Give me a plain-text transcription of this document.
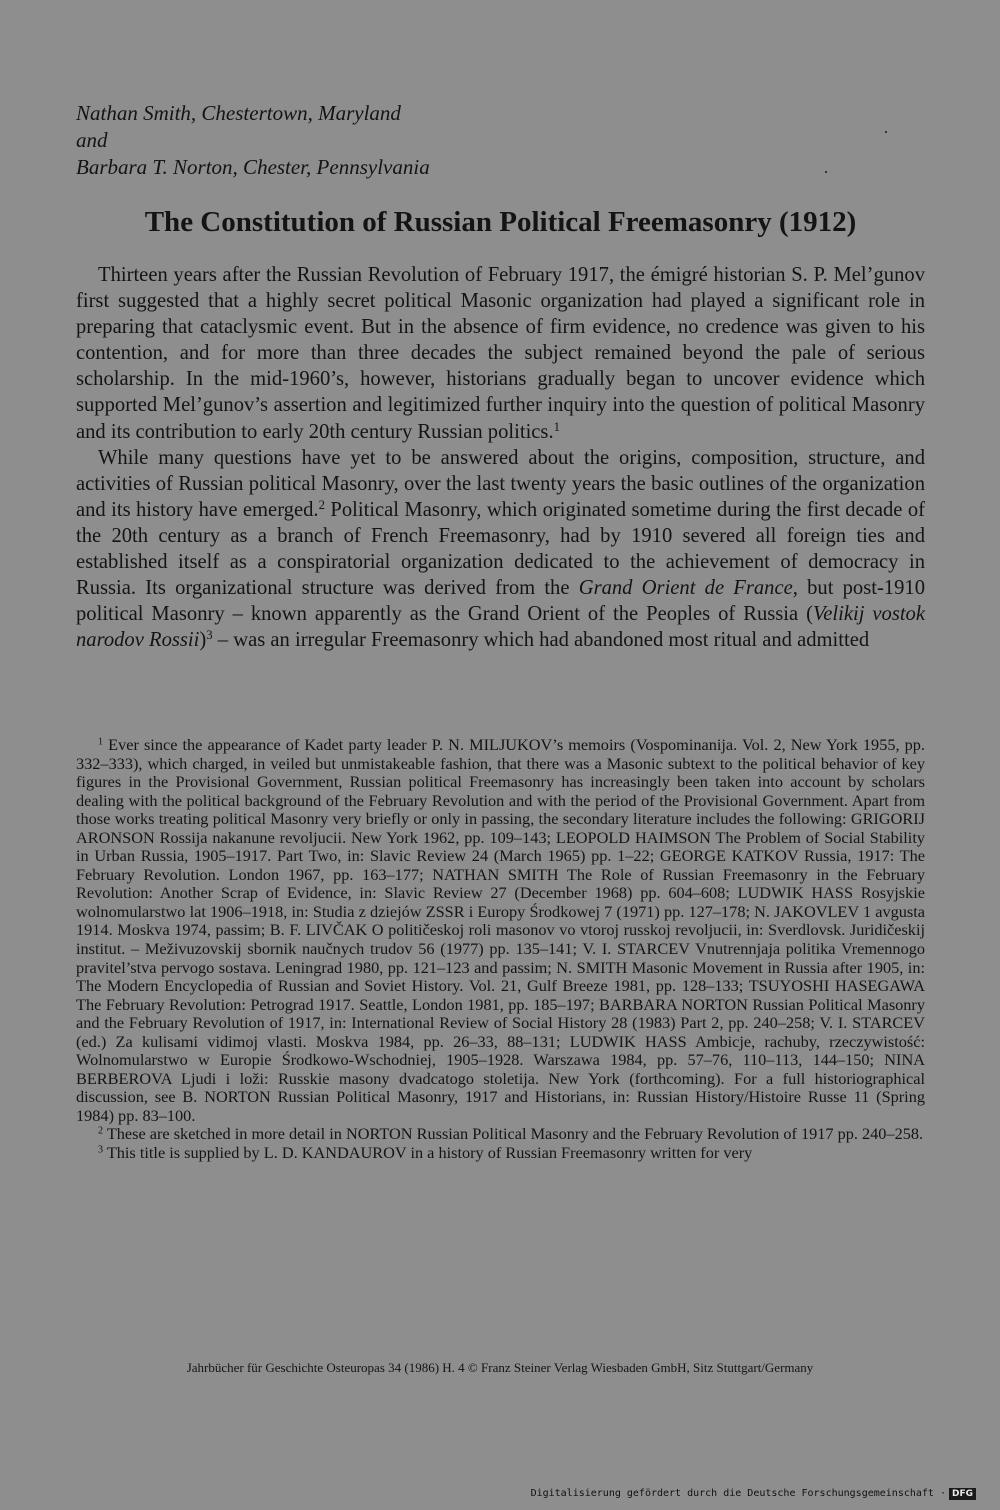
Nathan Smith, Chestertown, Maryland
and
Barbara T. Norton, Chester, Pennsylvania
The Constitution of Russian Political Freemasonry (1912)

Thirteen years after the Russian Revolution of February 1917, the émigré historian S. P. Mel’gunov first suggested that a highly secret political Masonic organization had played a significant role in preparing that cataclysmic event. But in the absence of firm evidence, no credence was given to his contention, and for more than three decades the subject remained beyond the pale of serious scholarship. In the mid-1960’s, however, historians gradually began to uncover evidence which supported Mel’gunov’s assertion and legitimized further inquiry into the question of political Masonry and its contribution to early 20th century Russian politics.$^1$

While many questions have yet to be answered about the origins, composition, structure, and activities of Russian political Masonry, over the last twenty years the basic outlines of the organization and its history have emerged.$^2$ Political Masonry, which originated sometime during the first decade of the 20th century as a branch of French Freemasonry, had by 1910 severed all foreign ties and established itself as a conspiratorial organization dedicated to the achievement of democracy in Russia. Its organizational structure was derived from the Grand Orient de France, but post-1910 political Masonry – known apparently as the Grand Orient of the Peoples of Russia (Velikij vostok narodov Rossii)$^3$ – was an irregular Freemasonry which had abandoned most ritual and admitted

$^1$ Ever since the appearance of Kadet party leader P. N. MILJUKOV’s memoirs (Vospominanija. Vol. 2, New York 1955, pp. 332–333), which charged, in veiled but unmistakeable fashion, that there was a Masonic subtext to the political behavior of key figures in the Provisional Government, Russian political Freemasonry has increasingly been taken into account by scholars dealing with the political background of the February Revolution and with the period of the Provisional Government. Apart from those works treating political Masonry very briefly or only in passing, the secondary literature includes the following: GRIGORIJ ARONSON Rossija nakanune revoljucii. New York 1962, pp. 109–143; LEOPOLD HAIMSON The Problem of Social Stability in Urban Russia, 1905–1917. Part Two, in: Slavic Review 24 (March 1965) pp. 1–22; GEORGE KATKOV Russia, 1917: The February Revolution. London 1967, pp. 163–177; NATHAN SMITH The Role of Russian Freemasonry in the February Revolution: Another Scrap of Evidence, in: Slavic Review 27 (December 1968) pp. 604–608; LUDWIK HASS Rosyjskie wolnomularstwo lat 1906–1918, in: Studia z dziejów ZSSR i Europy Środkowej 7 (1971) pp. 127–178; N. JAKOVLEV 1 avgusta 1914. Moskva 1974, passim; B. F. LIVČAK O političeskoj roli masonov vo vtoroj russkoj revoljucii, in: Sverdlovsk. Juridičeskij institut. – Meživuzovskij sbornik naučnych trudov 56 (1977) pp. 135–141; V. I. STARCEV Vnutrennjaja politika Vremennogo pravitel’stva pervogo sostava. Leningrad 1980, pp. 121–123 and passim; N. SMITH Masonic Movement in Russia after 1905, in: The Modern Encyclopedia of Russian and Soviet History. Vol. 21, Gulf Breeze 1981, pp. 128–133; TSUYOSHI HASEGAWA The February Revolution: Petrograd 1917. Seattle, London 1981, pp. 185–197; BARBARA NORTON Russian Political Masonry and the February Revolution of 1917, in: International Review of Social History 28 (1983) Part 2, pp. 240–258; V. I. STARCEV (ed.) Za kulisami vidimoj vlasti. Moskva 1984, pp. 26–33, 88–131; LUDWIK HASS Ambicje, rachuby, rzeczywistość: Wolnomularstwo w Europie Środkowo-Wschodniej, 1905–1928. Warszawa 1984, pp. 57–76, 110–113, 144–150; NINA BERBEROVA Ljudi i loži: Russkie masony dvadcatogo stoletija. New York (forthcoming). For a full historiographical discussion, see B. NORTON Russian Political Masonry, 1917 and Historians, in: Russian History/Histoire Russe 11 (Spring 1984) pp. 83–100.

$^2$ These are sketched in more detail in NORTON Russian Political Masonry and the February Revolution of 1917 pp. 240–258.

$^3$ This title is supplied by L. D. KANDAUROV in a history of Russian Freemasonry written for very

Jahrbücher für Geschichte Osteuropas 34 (1986) H. 4 © Franz Steiner Verlag Wiesbaden GmbH, Sitz Stuttgart/Germany
Digitalisierung gefördert durch die Deutsche Forschungsgemeinschaft · DFG
